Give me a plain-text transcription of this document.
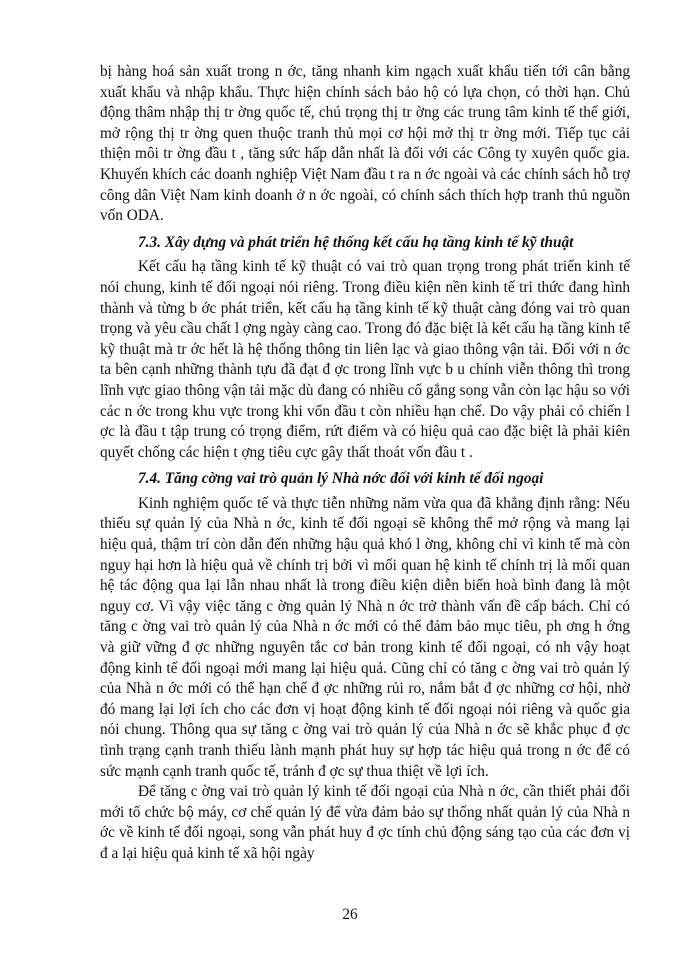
bị hàng hoá sản xuất trong n ớc, tăng nhanh kim ngạch xuất khẩu tiến tới cân bằng xuất khẩu và nhập khẩu. Thực hiện chính sách bảo hộ có lựa chọn, có thời hạn. Chủ động thâm nhập thị tr ờng quốc tế, chú trọng thị tr ờng các trung tâm kinh tế thế giới, mở rộng thị tr ờng quen thuộc tranh thủ mọi cơ hội mở thị tr ờng mới. Tiếp tục cải thiện môi tr ờng đầu t , tăng sức hấp dẫn nhất là đối với các Công ty xuyên quốc gia. Khuyến khích các doanh nghiệp Việt Nam đầu t ra n ớc ngoài và các chính sách hỗ trợ công dân Việt Nam kinh doanh ở n ớc ngoài, có chính sách thích hợp tranh thủ nguồn vốn ODA.

7.3. Xây dựng và phát triển hệ thống kết cấu hạ tầng kinh tế kỹ thuật

Kết cấu hạ tầng kinh tế kỹ thuật có vai trò quan trọng trong phát triển kinh tế nói chung, kinh tế đối ngoại nói riêng. Trong điều kiện nền kinh tế tri thức đang hình thành và từng b ớc phát triển, kết cấu hạ tầng kinh tế kỹ thuật càng đóng vai trò quan trọng và yêu cầu chất l ợng ngày càng cao. Trong đó đặc biệt là kết cấu hạ tầng kinh tế kỹ thuật mà tr ớc hết là hệ thống thông tin liên lạc và giao thông vận tải. Đối với n ớc ta bên cạnh những thành tựu đã đạt đ ợc trong lĩnh vực b u chính viễn thông thì trong lĩnh vực giao thông vận tải mặc dù đang có nhiều cố gắng song vẫn còn lạc hậu so với các n ớc trong khu vực trong khi vốn đầu t còn nhiều hạn chế. Do vậy phải có chiến l ợc là đầu t tập trung có trọng điểm, rứt điểm và có hiệu quả cao đặc biệt là phải kiên quyết chống các hiện t ợng tiêu cực gây thất thoát vốn đầu t .

7.4. Tăng cờng vai trò quản lý Nhà nớc đối với kinh tế đối ngoại

Kinh nghiệm quốc tế và thực tiễn những năm vừa qua đã khẳng định rằng: Nếu thiếu sự quản lý của Nhà n ớc, kinh tế đối ngoại sẽ không thể mở rộng và mang lại hiệu quả, thậm trí còn dẫn đến những hậu quả khó l ờng, không chỉ vì kinh tế mà còn nguy hại hơn là hiệu quả về chính trị bởi vì mối quan hệ kinh tế chính trị là mối quan hệ tác động qua lại lẫn nhau nhất là trong điều kiện diễn biến hoà bình đang là một nguy cơ. Vì vậy việc tăng c ờng quản lý Nhà n ớc trở thành vấn đề cấp bách. Chỉ có tăng c ờng vai trò quản lý của Nhà n ớc mới có thể đảm bảo mục tiêu, ph ơng h ớng và giữ vững đ ợc những nguyên tắc cơ bản trong kinh tế đối ngoại, có nh vậy hoạt động kinh tế đối ngoại mới mang lại hiệu quả. Cũng chỉ có tăng c ờng vai trò quản lý của Nhà n ớc mới có thể hạn chế đ ợc những rủi ro, nắm bắt đ ợc những cơ hội, nhờ đó mang lại lợi ích cho các đơn vị hoạt động kinh tế đối ngoại nói riêng và quốc gia nói chung. Thông qua sự tăng c ờng vai trò quản lý của Nhà n ớc sẽ khắc phục đ ợc tình trạng cạnh tranh thiếu lành mạnh phát huy sự hợp tác hiệu quả trong n ớc để có sức mạnh cạnh tranh quốc tế, tránh đ ợc sự thua thiệt về lợi ích.

Để tăng c ờng vai trò quản lý kinh tế đối ngoại của Nhà n ớc, cần thiết phải đổi mới tổ chức bộ máy, cơ chế quản lý để vừa đảm bảo sự thống nhất quản lý của Nhà n ớc về kinh tế đối ngoại, song vẫn phát huy đ ợc tính chủ động sáng tạo của các đơn vị đ a lại hiệu quả kinh tế xã hội ngày

26
